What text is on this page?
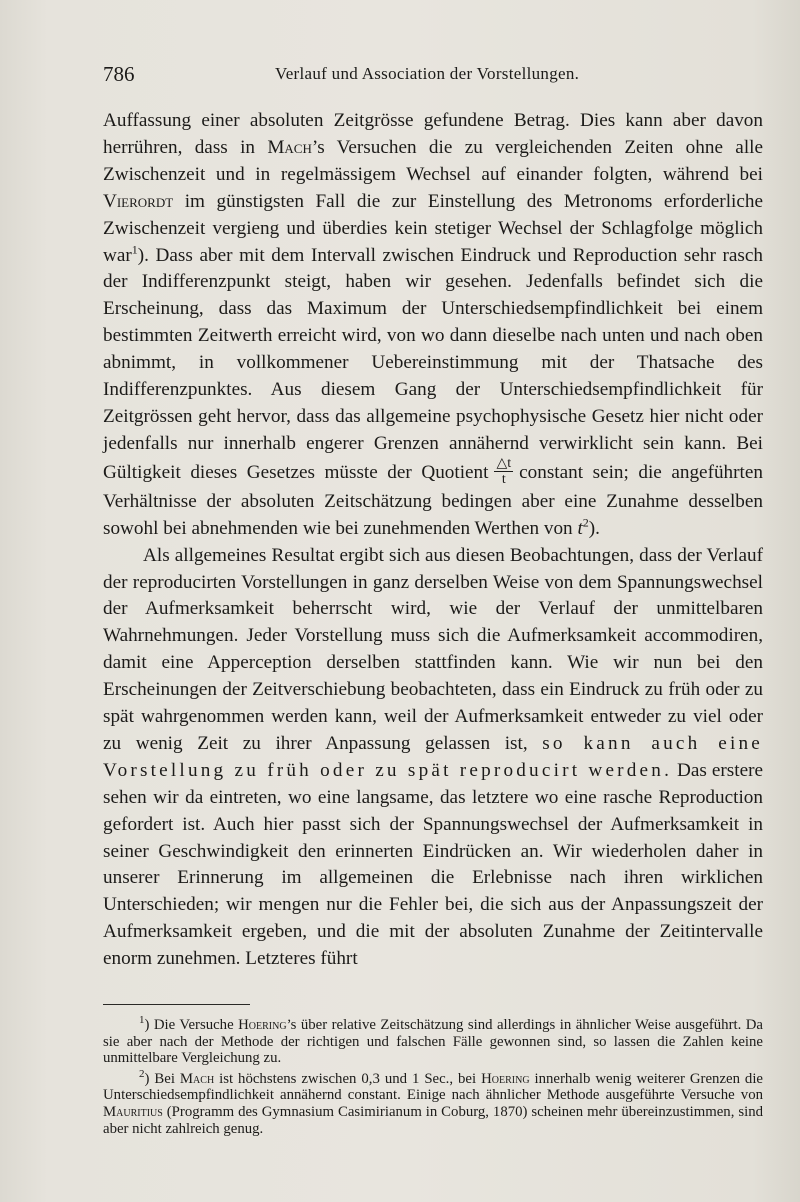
786	Verlauf und Association der Vorstellungen.

Auffassung einer absoluten Zeitgrösse gefundene Betrag. Dies kann aber davon herrühren, dass in Mach’s Versuchen die zu vergleichenden Zeiten ohne alle Zwischenzeit und in regelmässigem Wechsel auf einander folgten, während bei Vierordt im günstigsten Fall die zur Einstellung des Metronoms erforderliche Zwischenzeit vergieng und überdies kein stetiger Wechsel der Schlagfolge möglich war$^1$). Dass aber mit dem Intervall zwischen Eindruck und Reproduction sehr rasch der Indifferenzpunkt steigt, haben wir gesehen. Jedenfalls befindet sich die Erscheinung, dass das Maximum der Unterschiedsempfindlichkeit bei einem bestimmten Zeitwerth erreicht wird, von wo dann dieselbe nach unten und nach oben abnimmt, in vollkommener Uebereinstimmung mit der Thatsache des Indifferenzpunktes. Aus diesem Gang der Unterschiedsempfindlichkeit für Zeitgrössen geht hervor, dass das allgemeine psychophysische Gesetz hier nicht oder jedenfalls nur innerhalb engerer Grenzen annähernd verwirklicht sein kann. Bei Gültigkeit dieses Gesetzes müsste der Quotient $\frac{\triangle t}{t}$ constant sein; die angeführten Verhältnisse der absoluten Zeitschätzung bedingen aber eine Zunahme desselben sowohl bei abnehmenden wie bei zunehmenden Werthen von t$^2$).

Als allgemeines Resultat ergibt sich aus diesen Beobachtungen, dass der Verlauf der reproducirten Vorstellungen in ganz derselben Weise von dem Spannungswechsel der Aufmerksamkeit beherrscht wird, wie der Verlauf der unmittelbaren Wahrnehmungen. Jeder Vorstellung muss sich die Aufmerksamkeit accommodiren, damit eine Apperception derselben stattfinden kann. Wie wir nun bei den Erscheinungen der Zeitverschiebung beobachteten, dass ein Eindruck zu früh oder zu spät wahrgenommen werden kann, weil der Aufmerksamkeit entweder zu viel oder zu wenig Zeit zu ihrer Anpassung gelassen ist, so kann auch eine Vorstellung zu früh oder zu spät reproducirt werden. Das erstere sehen wir da eintreten, wo eine langsame, das letztere wo eine rasche Reproduction gefordert ist. Auch hier passt sich der Spannungswechsel der Aufmerksamkeit in seiner Geschwindigkeit den erinnerten Eindrücken an. Wir wiederholen daher in unserer Erinnerung im allgemeinen die Erlebnisse nach ihren wirklichen Unterschieden; wir mengen nur die Fehler bei, die sich aus der Anpassungszeit der Aufmerksamkeit ergeben, und die mit der absoluten Zunahme der Zeitintervalle enorm zunehmen. Letzteres führt

$^1$) Die Versuche Hoering’s über relative Zeitschätzung sind allerdings in ähnlicher Weise ausgeführt. Da sie aber nach der Methode der richtigen und falschen Fälle gewonnen sind, so lassen die Zahlen keine unmittelbare Vergleichung zu.

$^2$) Bei Mach ist höchstens zwischen 0,3 und 1 Sec., bei Hoering innerhalb wenig weiterer Grenzen die Unterschiedsempfindlichkeit annähernd constant. Einige nach ähnlicher Methode ausgeführte Versuche von Mauritius (Programm des Gymnasium Casimirianum in Coburg, 1870) scheinen mehr übereinzustimmen, sind aber nicht zahlreich genug.
